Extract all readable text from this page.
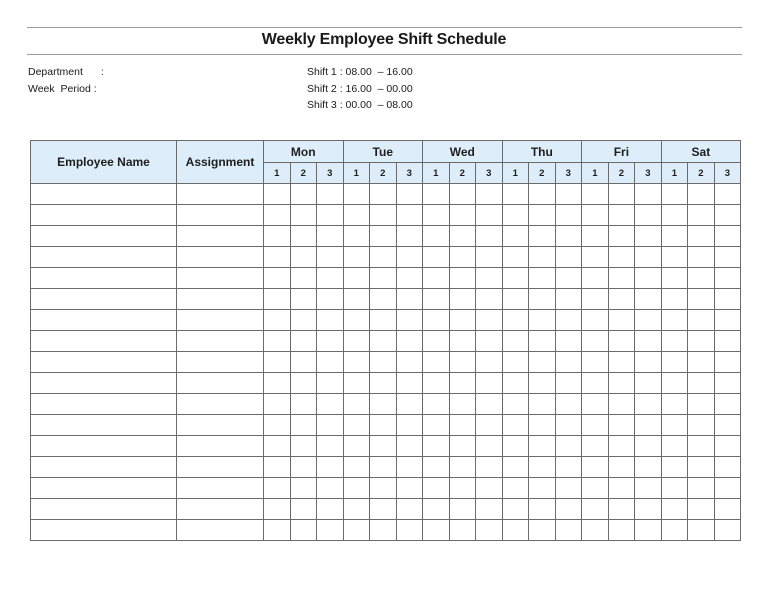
Weekly Employee Shift Schedule
Department :
Week  Period :
Shift 1 : 08.00  – 16.00
Shift 2 : 16.00  – 00.00
Shift 3 : 00.00  – 08.00
Employee Name	Assignment	Mon			Tue			Wed			Thu			Fri			Sat		
		1	2	3	1	2	3	1	2	3	1	2	3	1	2	3	1	2	3
